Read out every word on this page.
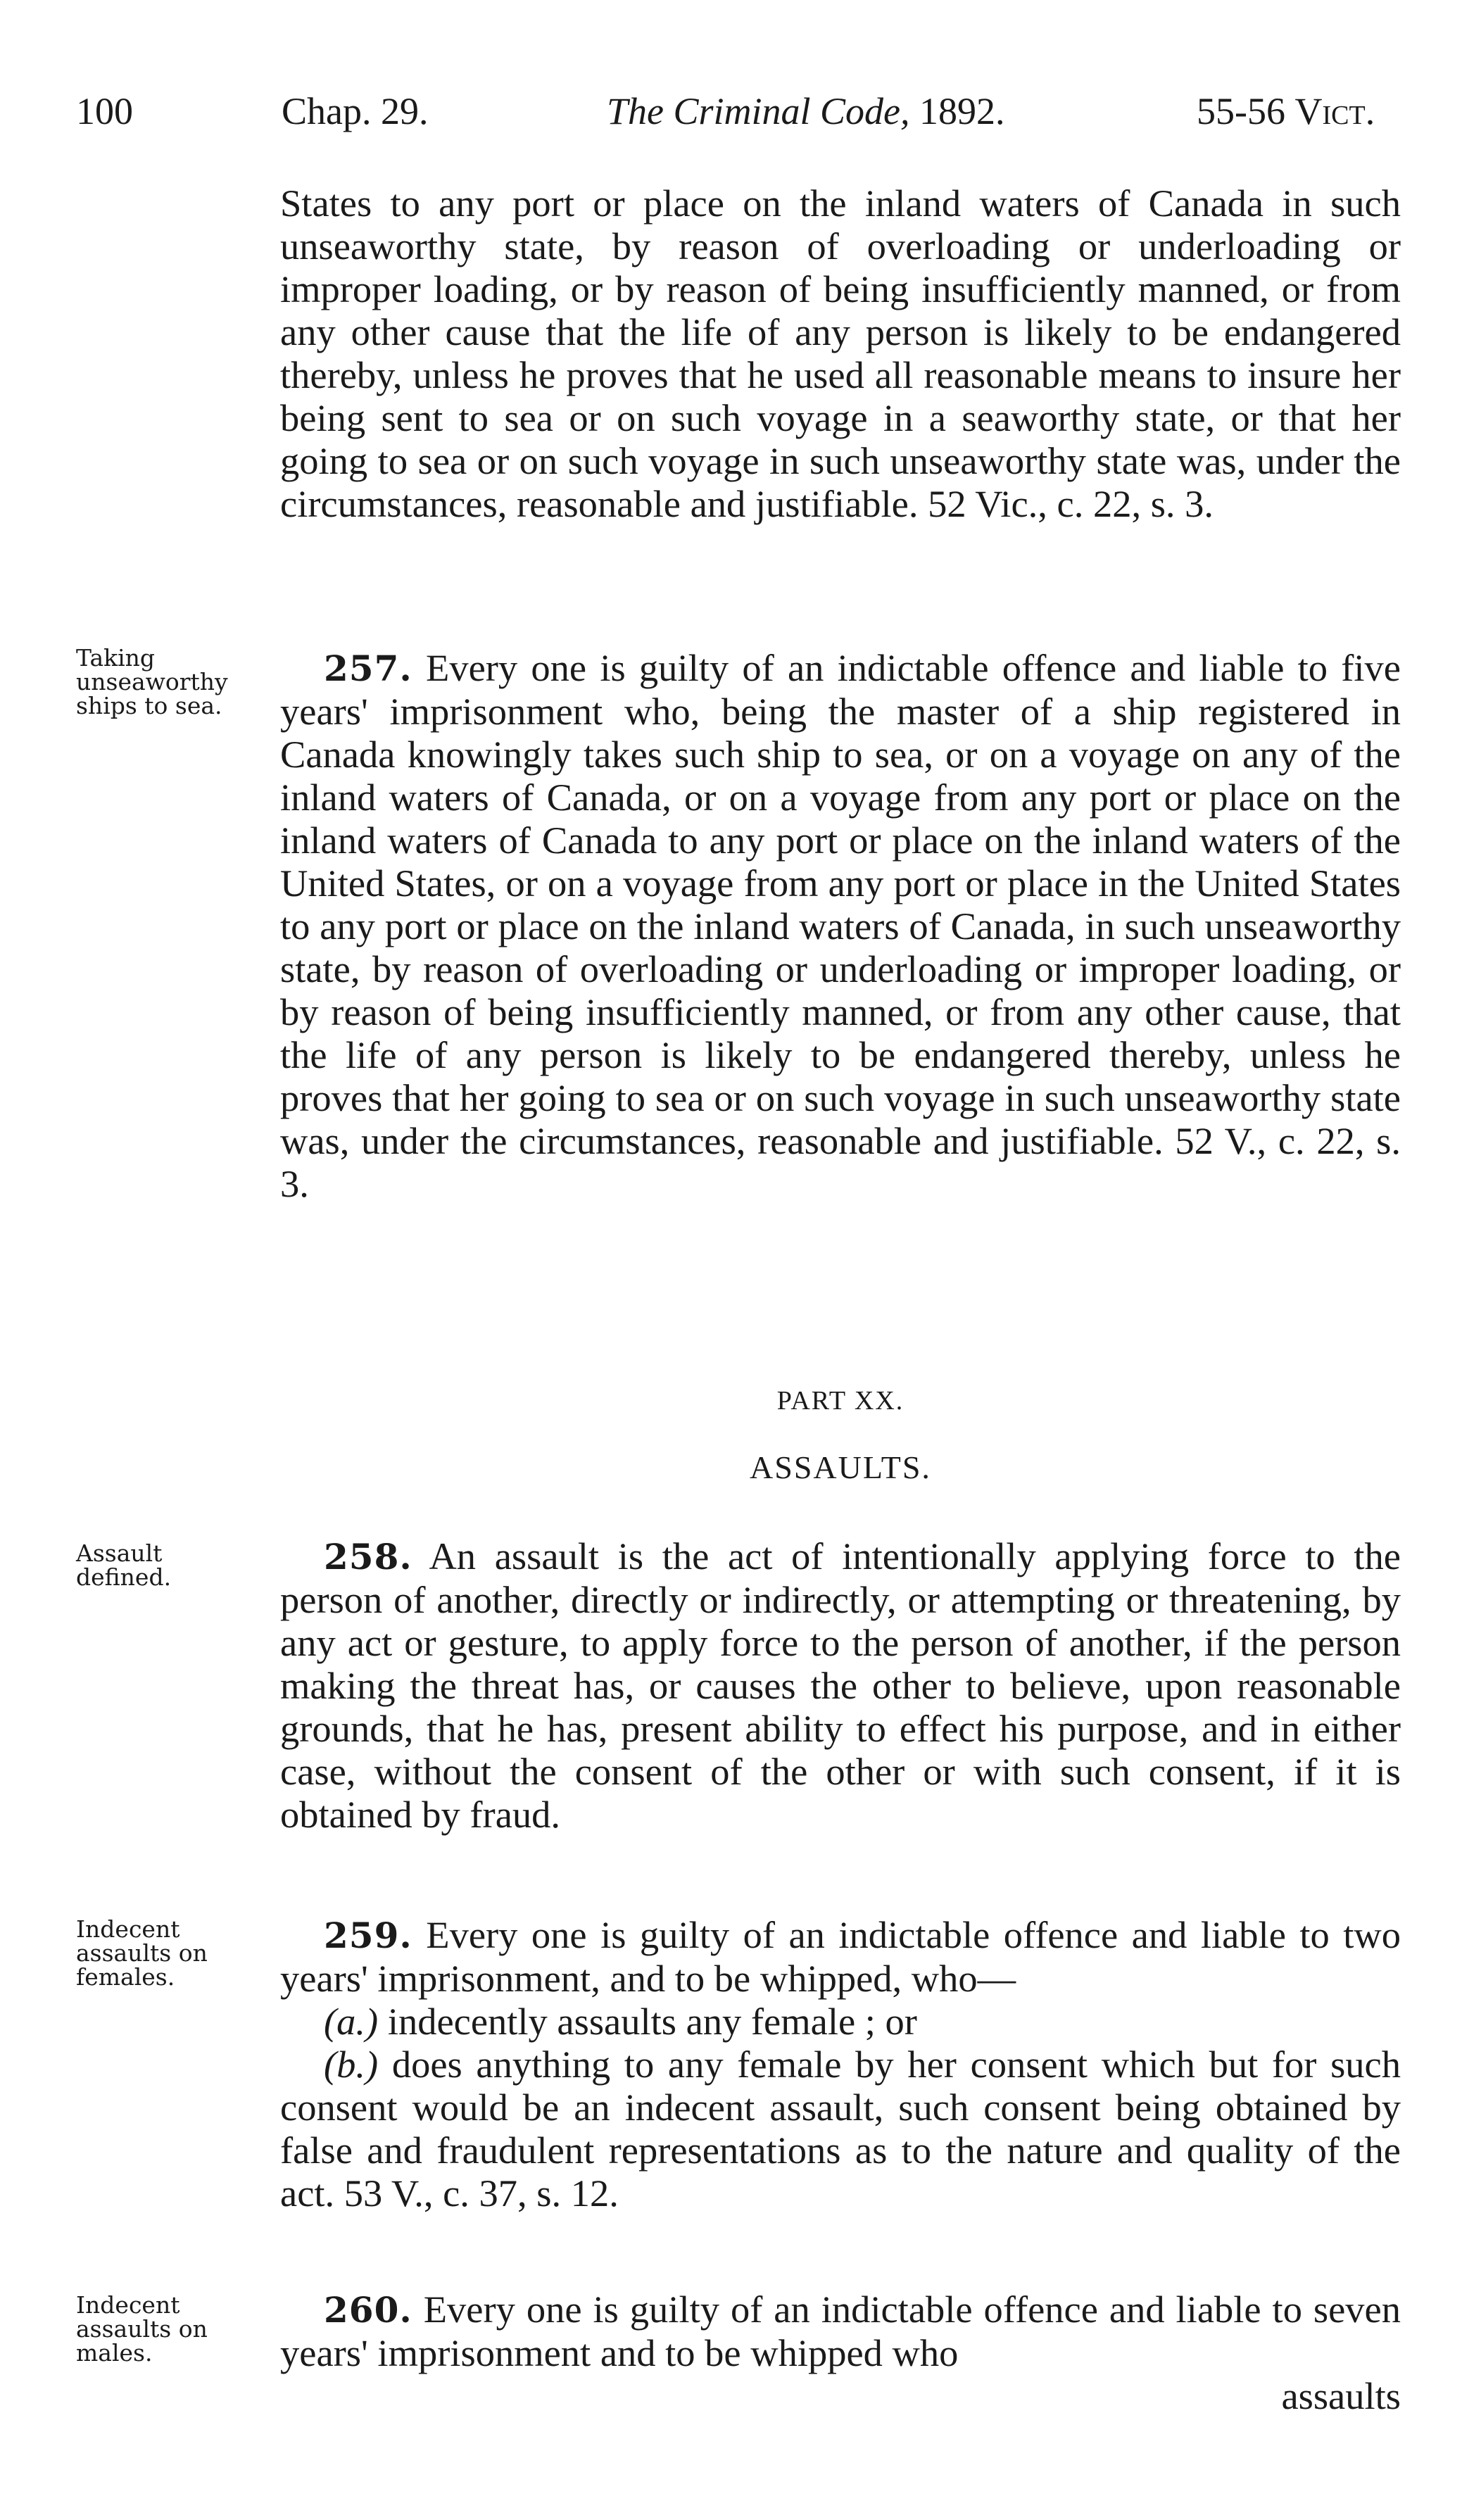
100	Chap. 29.	The Criminal Code, 1892.	55-56 Vict.

States to any port or place on the inland waters of Canada in such unseaworthy state, by reason of overloading or underloading or improper loading, or by reason of being insufficiently manned, or from any other cause that the life of any person is likely to be endangered thereby, unless he proves that he used all reasonable means to insure her being sent to sea or on such voyage in a seaworthy state, or that her going to sea or on such voyage in such unseaworthy state was, under the circumstances, reasonable and justifiable. 52 Vic., c. 22, s. 3.

Taking unseaworthy ships to sea.

257. Every one is guilty of an indictable offence and liable to five years' imprisonment who, being the master of a ship registered in Canada knowingly takes such ship to sea, or on a voyage on any of the inland waters of Canada, or on a voyage from any port or place on the inland waters of Canada to any port or place on the inland waters of the United States, or on a voyage from any port or place in the United States to any port or place on the inland waters of Canada, in such unseaworthy state, by reason of overloading or underloading or improper loading, or by reason of being insufficiently manned, or from any other cause, that the life of any person is likely to be endangered thereby, unless he proves that her going to sea or on such voyage in such unseaworthy state was, under the circumstances, reasonable and justifiable. 52 V., c. 22, s. 3.

PART XX.
ASSAULTS.
Assault defined.	258. An assault is the act of intentionally applying force to the person of another, directly or indirectly, or attempting or threatening, by any act or gesture, to apply force to the person of another, if the person making the threat has, or causes the other to believe, upon reasonable grounds, that he has, present ability to effect his purpose, and in either case, without the consent of the other or with such consent, if it is obtained by fraud.

Indecent assaults on females.

259. Every one is guilty of an indictable offence and liable to two years' imprisonment, and to be whipped, who—

(a.) indecently assaults any female ; or

(b.) does anything to any female by her consent which but for such consent would be an indecent assault, such consent being obtained by false and fraudulent representations as to the nature and quality of the act. 53 V., c. 37, s. 12.

Indecent assaults on males.

260. Every one is guilty of an indictable offence and liable to seven years' imprisonment and to be whipped who

assaults
